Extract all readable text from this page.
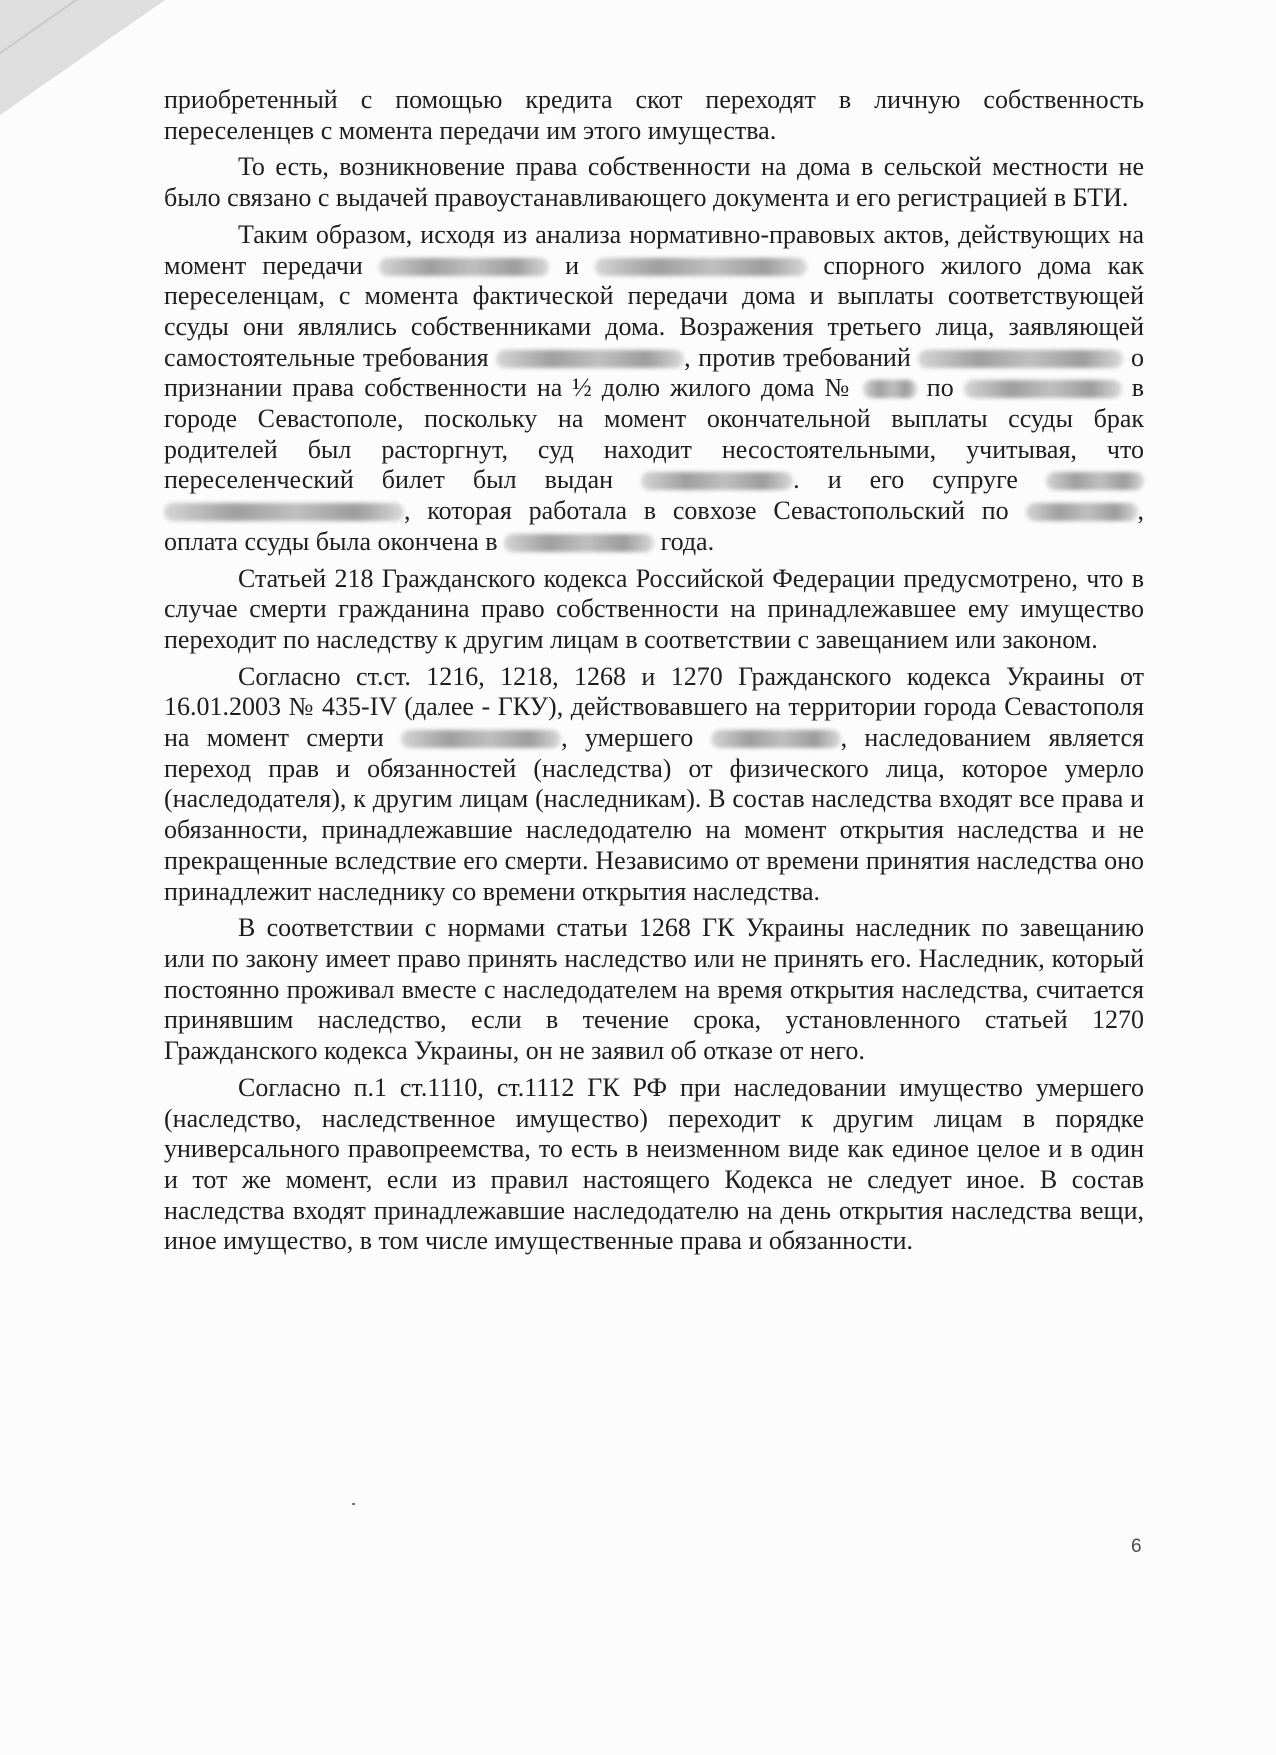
приобретенный с помощью кредита скот переходят в личную собственность переселенцев с момента передачи им этого имущества.

То есть, возникновение права собственности на дома в сельской местности не было связано с выдачей правоустанавливающего документа и его регистрацией в БТИ.

Таким образом, исходя из анализа нормативно-правовых актов, действующих на момент передачи	и	спорного жилого дома как переселенцам, с момента фактической передачи дома и выплаты соответствующей ссуды они являлись собственниками дома. Возражения третьего лица, заявляющей самостоятельные требования	, против требований	о признании права собственности на ½ долю жилого дома №  по	в городе Севастополе, поскольку на момент окончательной выплаты ссуды брак родителей был расторгнут, суд находит несостоятельными, учитывая, что переселенческий билет был выдан	. и его супруге , которая работала в совхозе Севастопольский по	, оплата ссуды была окончена в	года.

Статьей 218 Гражданского кодекса Российской Федерации предусмотрено, что в случае смерти гражданина право собственности на принадлежавшее ему имущество переходит по наследству к другим лицам в соответствии с завещанием или законом.

Согласно ст.ст. 1216, 1218, 1268 и 1270 Гражданского кодекса Украины от 16.01.2003 № 435-IV (далее - ГКУ), действовавшего на территории города Севастополя на момент смерти	, умершего	, наследованием является переход прав и обязанностей (наследства) от физического лица, которое умерло (наследодателя), к другим лицам (наследникам). В состав наследства входят все права и обязанности, принадлежавшие наследодателю на момент открытия наследства и не прекращенные вследствие его смерти. Независимо от времени принятия наследства оно принадлежит наследнику со времени открытия наследства.

В соответствии с нормами статьи 1268 ГК Украины наследник по завещанию или по закону имеет право принять наследство или не принять его. Наследник, который постоянно проживал вместе с наследодателем на время открытия наследства, считается принявшим наследство, если в течение срока, установленного статьей 1270 Гражданского кодекса Украины, он не заявил об отказе от него.

Согласно п.1 ст.1110, ст.1112 ГК РФ при наследовании имущество умершего (наследство, наследственное имущество) переходит к другим лицам в порядке универсального правопреемства, то есть в неизменном виде как единое целое и в один и тот же момент, если из правил настоящего Кодекса не следует иное. В состав наследства входят принадлежавшие наследодателю на день открытия наследства вещи, иное имущество, в том числе имущественные права и обязанности.

6
